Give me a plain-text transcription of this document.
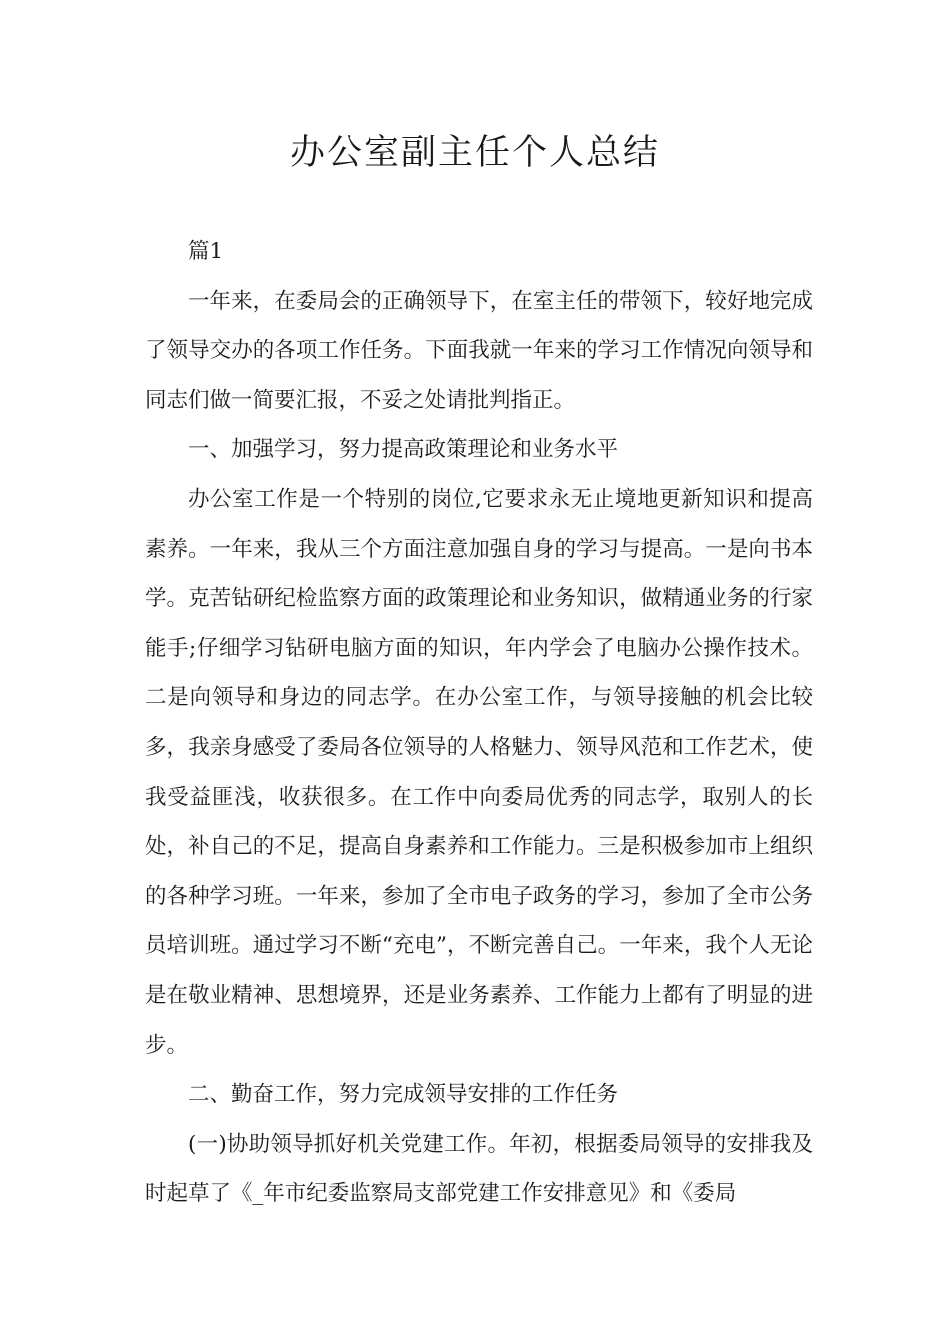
办公室副主任个人总结

篇1

一年来，在委局会的正确领导下，在室主任的带领下，较好地完成了领导交办的各项工作任务。下面我就一年来的学习工作情况向领导和同志们做一简要汇报，不妥之处请批判指正。

一、加强学习，努力提高政策理论和业务水平

办公室工作是一个特别的岗位,它要求永无止境地更新知识和提高素养。一年来，我从三个方面注意加强自身的学习与提高。一是向书本学。克苦钻研纪检监察方面的政策理论和业务知识，做精通业务的行家能手;仔细学习钻研电脑方面的知识，年内学会了电脑办公操作技术。二是向领导和身边的同志学。在办公室工作，与领导接触的机会比较多，我亲身感受了委局各位领导的人格魅力、领导风范和工作艺术，使我受益匪浅，收获很多。在工作中向委局优秀的同志学，取别人的长处，补自己的不足，提高自身素养和工作能力。三是积极参加市上组织的各种学习班。一年来，参加了全市电子政务的学习，参加了全市公务员培训班。通过学习不断“充电”，不断完善自己。一年来，我个人无论是在敬业精神、思想境界，还是业务素养、工作能力上都有了明显的进步。

二、勤奋工作，努力完成领导安排的工作任务

(一)协助领导抓好机关党建工作。年初，根据委局领导的安排我及时起草了《_年市纪委监察局支部党建工作安排意见》和《委局
